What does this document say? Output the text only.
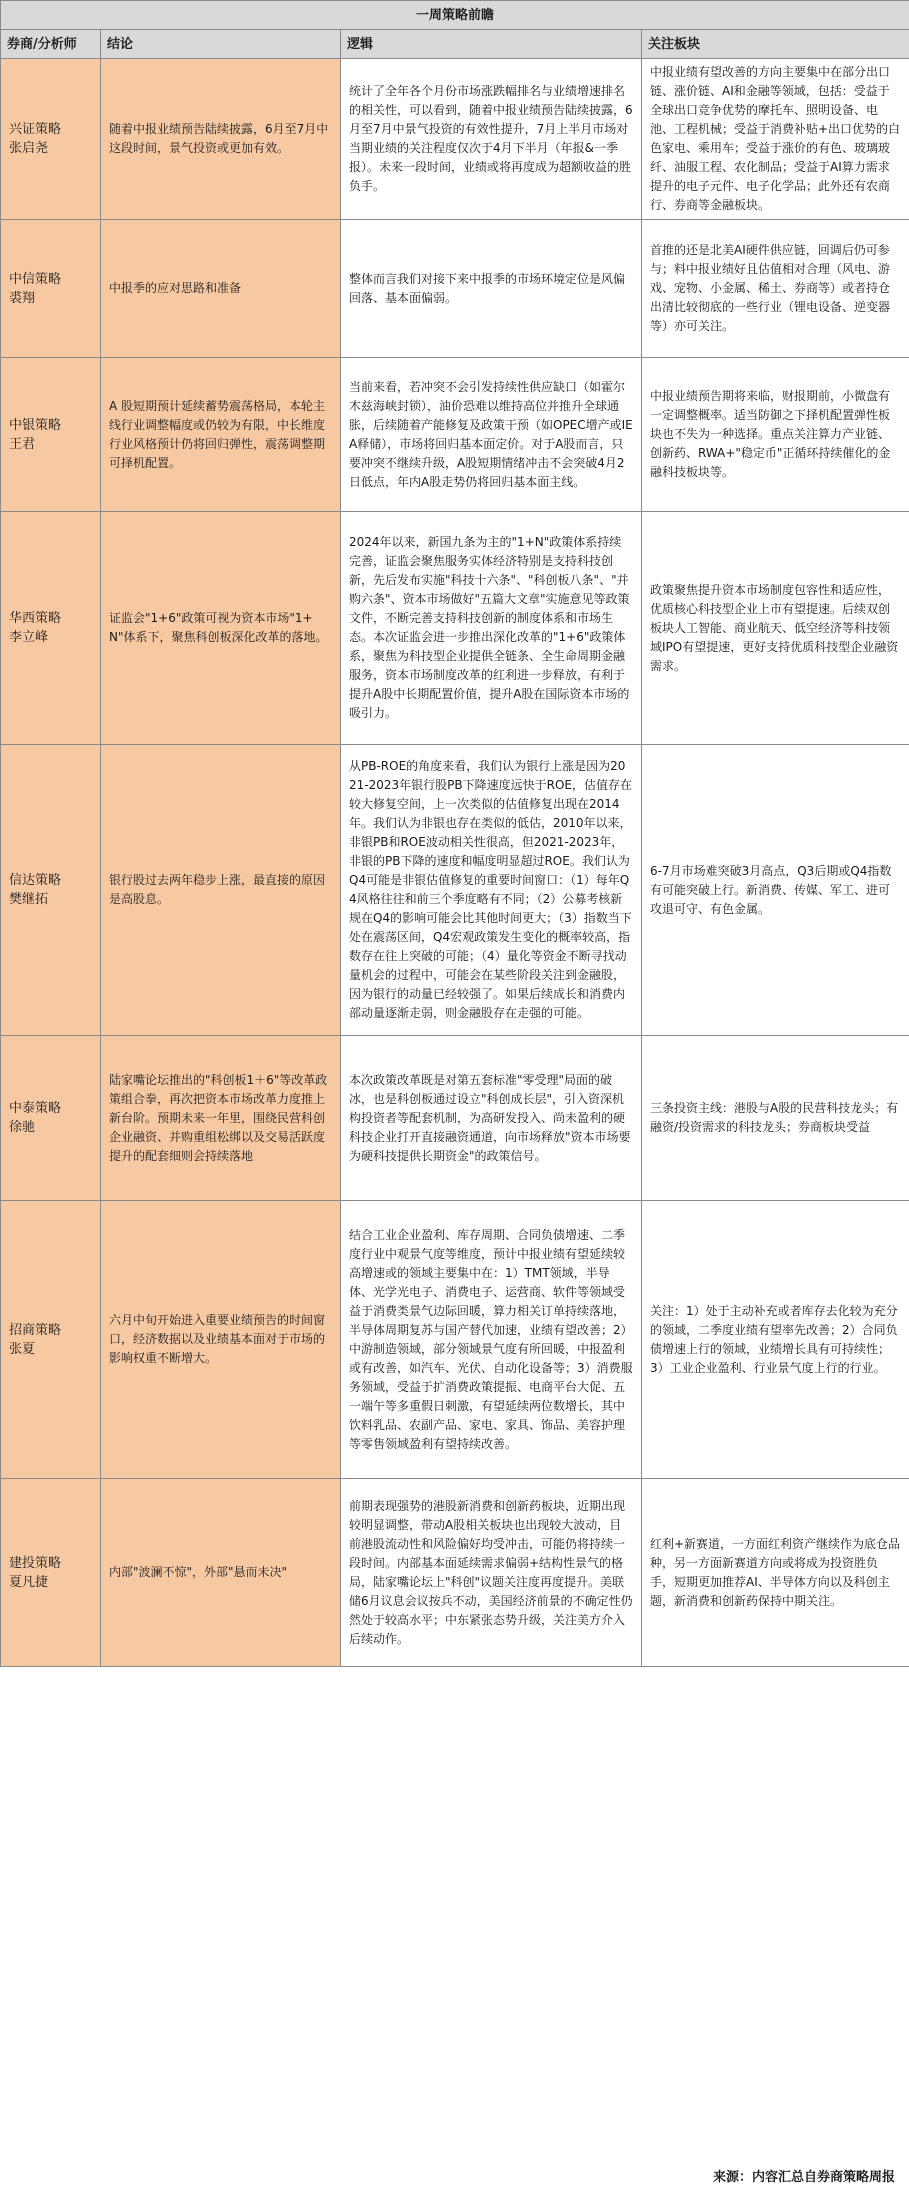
一周策略前瞻			
券商/分析师	结论	逻辑	关注板块

兴证策略
张启尧	随着中报业绩预告陆续披露，6月至7月中这段时间，景气投资或更加有效。	统计了全年各个月份市场涨跌幅排名与业绩增速排名的相关性，可以看到，随着中报业绩预告陆续披露，6月至7月中景气投资的有效性提升，7月上半月市场对当期业绩的关注程度仅次于4月下半月（年报&一季报）。未来一段时间，业绩或将再度成为超额收益的胜负手。	中报业绩有望改善的方向主要集中在部分出口链、涨价链、AI和金融等领域，包括：受益于全球出口竞争优势的摩托车、照明设备、电池、工程机械；受益于消费补贴+出口优势的白色家电、乘用车；受益于涨价的有色、玻璃玻纤、油服工程、农化制品；受益于AI算力需求提升的电子元件、电子化学品；此外还有农商行、券商等金融板块。

中信策略
裘翔	中报季的应对思路和准备	整体而言我们对接下来中报季的市场环境定位是风偏回落、基本面偏弱。	首推的还是北美AI硬件供应链，回调后仍可参与；料中报业绩好且估值相对合理（风电、游戏、宠物、小金属、稀土、券商等）或者持仓出清比较彻底的一些行业（锂电设备、逆变器等）亦可关注。

中银策略
王君	A 股短期预计延续蓄势震荡格局，本轮主线行业调整幅度或仍较为有限，中长维度行业风格预计仍将回归弹性，震荡调整期可择机配置。	当前来看，若冲突不会引发持续性供应缺口（如霍尔木兹海峡封锁），油价恐难以维持高位并推升全球通胀，后续随着产能修复及政策干预（如OPEC增产或IEA释储），市场将回归基本面定价。对于A股而言，只要冲突不继续升级，A股短期情绪冲击不会突破4月2日低点，年内A股走势仍将回归基本面主线。	中报业绩预告期将来临，财报期前，小微盘有一定调整概率。适当防御之下择机配置弹性板块也不失为一种选择。重点关注算力产业链、创新药、RWA+"稳定币"正循环持续催化的金融科技板块等。

华西策略
李立峰	证监会"1+6"政策可视为资本市场"1+N"体系下，聚焦科创板深化改革的落地。	2024年以来，新国九条为主的"1+N"政策体系持续完善，证监会聚焦服务实体经济特别是支持科技创新，先后发布实施"科技十六条"、"科创板八条"、"并购六条"、资本市场做好"五篇大文章"实施意见等政策文件，不断完善支持科技创新的制度体系和市场生态。本次证监会进一步推出深化改革的"1+6"政策体系，聚焦为科技型企业提供全链条、全生命周期金融服务，资本市场制度改革的红利进一步释放，有利于提升A股中长期配置价值，提升A股在国际资本市场的吸引力。	政策聚焦提升资本市场制度包容性和适应性，优质核心科技型企业上市有望提速。后续双创板块人工智能、商业航天、低空经济等科技领域IPO有望提速，更好支持优质科技型企业融资需求。

信达策略
樊继拓	银行股过去两年稳步上涨，最直接的原因是高股息。	从PB-ROE的角度来看，我们认为银行上涨是因为2021-2023年银行股PB下降速度远快于ROE，估值存在较大修复空间，上一次类似的估值修复出现在2014年。我们认为非银也存在类似的低估，2010年以来，非银PB和ROE波动相关性很高，但2021-2023年，非银的PB下降的速度和幅度明显超过ROE。我们认为Q4可能是非银估值修复的重要时间窗口：（1）每年Q4风格往往和前三个季度略有不同；（2）公募考核新规在Q4的影响可能会比其他时间更大；（3）指数当下处在震荡区间，Q4宏观政策发生变化的概率较高，指数存在往上突破的可能；（4）量化等资金不断寻找动量机会的过程中，可能会在某些阶段关注到金融股，因为银行的动量已经较强了。如果后续成长和消费内部动量逐渐走弱，则金融股存在走强的可能。	6-7月市场难突破3月高点，Q3后期或Q4指数有可能突破上行。新消费、传媒、军工、进可攻退可守、有色金属。

中泰策略
徐驰	陆家嘴论坛推出的"科创板1＋6"等改革政策组合拳，再次把资本市场改革力度推上新台阶。预期未来一年里，围绕民营科创企业融资、并购重组松绑以及交易活跃度提升的配套细则会持续落地	本次政策改革既是对第五套标准"零受理"局面的破冰，也是科创板通过设立"科创成长层"，引入资深机构投资者等配套机制，为高研发投入、尚未盈利的硬科技企业打开直接融资通道，向市场释放"资本市场要为硬科技提供长期资金"的政策信号。	三条投资主线：港股与A股的民营科技龙头；有融资/投资需求的科技龙头；券商板块受益

招商策略
张夏	六月中旬开始进入重要业绩预告的时间窗口，经济数据以及业绩基本面对于市场的影响权重不断增大。	结合工业企业盈利、库存周期、合同负债增速、二季度行业中观景气度等维度，预计中报业绩有望延续较高增速或的领域主要集中在：1）TMT领域，半导体、光学光电子、消费电子、运营商、软件等领域受益于消费类景气边际回暖，算力相关订单持续落地，半导体周期复苏与国产替代加速，业绩有望改善；2）中游制造领域，部分领域景气度有所回暖，中报盈利或有改善，如汽车、光伏、自动化设备等；3）消费服务领域，受益于扩消费政策提振、电商平台大促、五一端午等多重假日刺激，有望延续两位数增长，其中饮料乳品、农副产品、家电、家具、饰品、美容护理等零售领域盈利有望持续改善。	关注：1）处于主动补充或者库存去化较为充分的领域，二季度业绩有望率先改善；2）合同负债增速上行的领域，业绩增长具有可持续性；3）工业企业盈利、行业景气度上行的行业。

建投策略
夏凡捷	内部"波澜不惊"，外部"悬而未决"	前期表现强势的港股新消费和创新药板块，近期出现较明显调整，带动A股相关板块也出现较大波动，目前港股流动性和风险偏好均受冲击，可能仍将持续一段时间。内部基本面延续需求偏弱+结构性景气的格局，陆家嘴论坛上"科创"议题关注度再度提升。美联储6月议息会议按兵不动，美国经济前景的不确定性仍然处于较高水平；中东紧张态势升级，关注美方介入后续动作。	红利+新赛道，一方面红利资产继续作为底仓品种，另一方面新赛道方向或将成为投资胜负手，短期更加推荐AI、半导体方向以及科创主题，新消费和创新药保持中期关注。
来源：内容汇总自券商策略周报
